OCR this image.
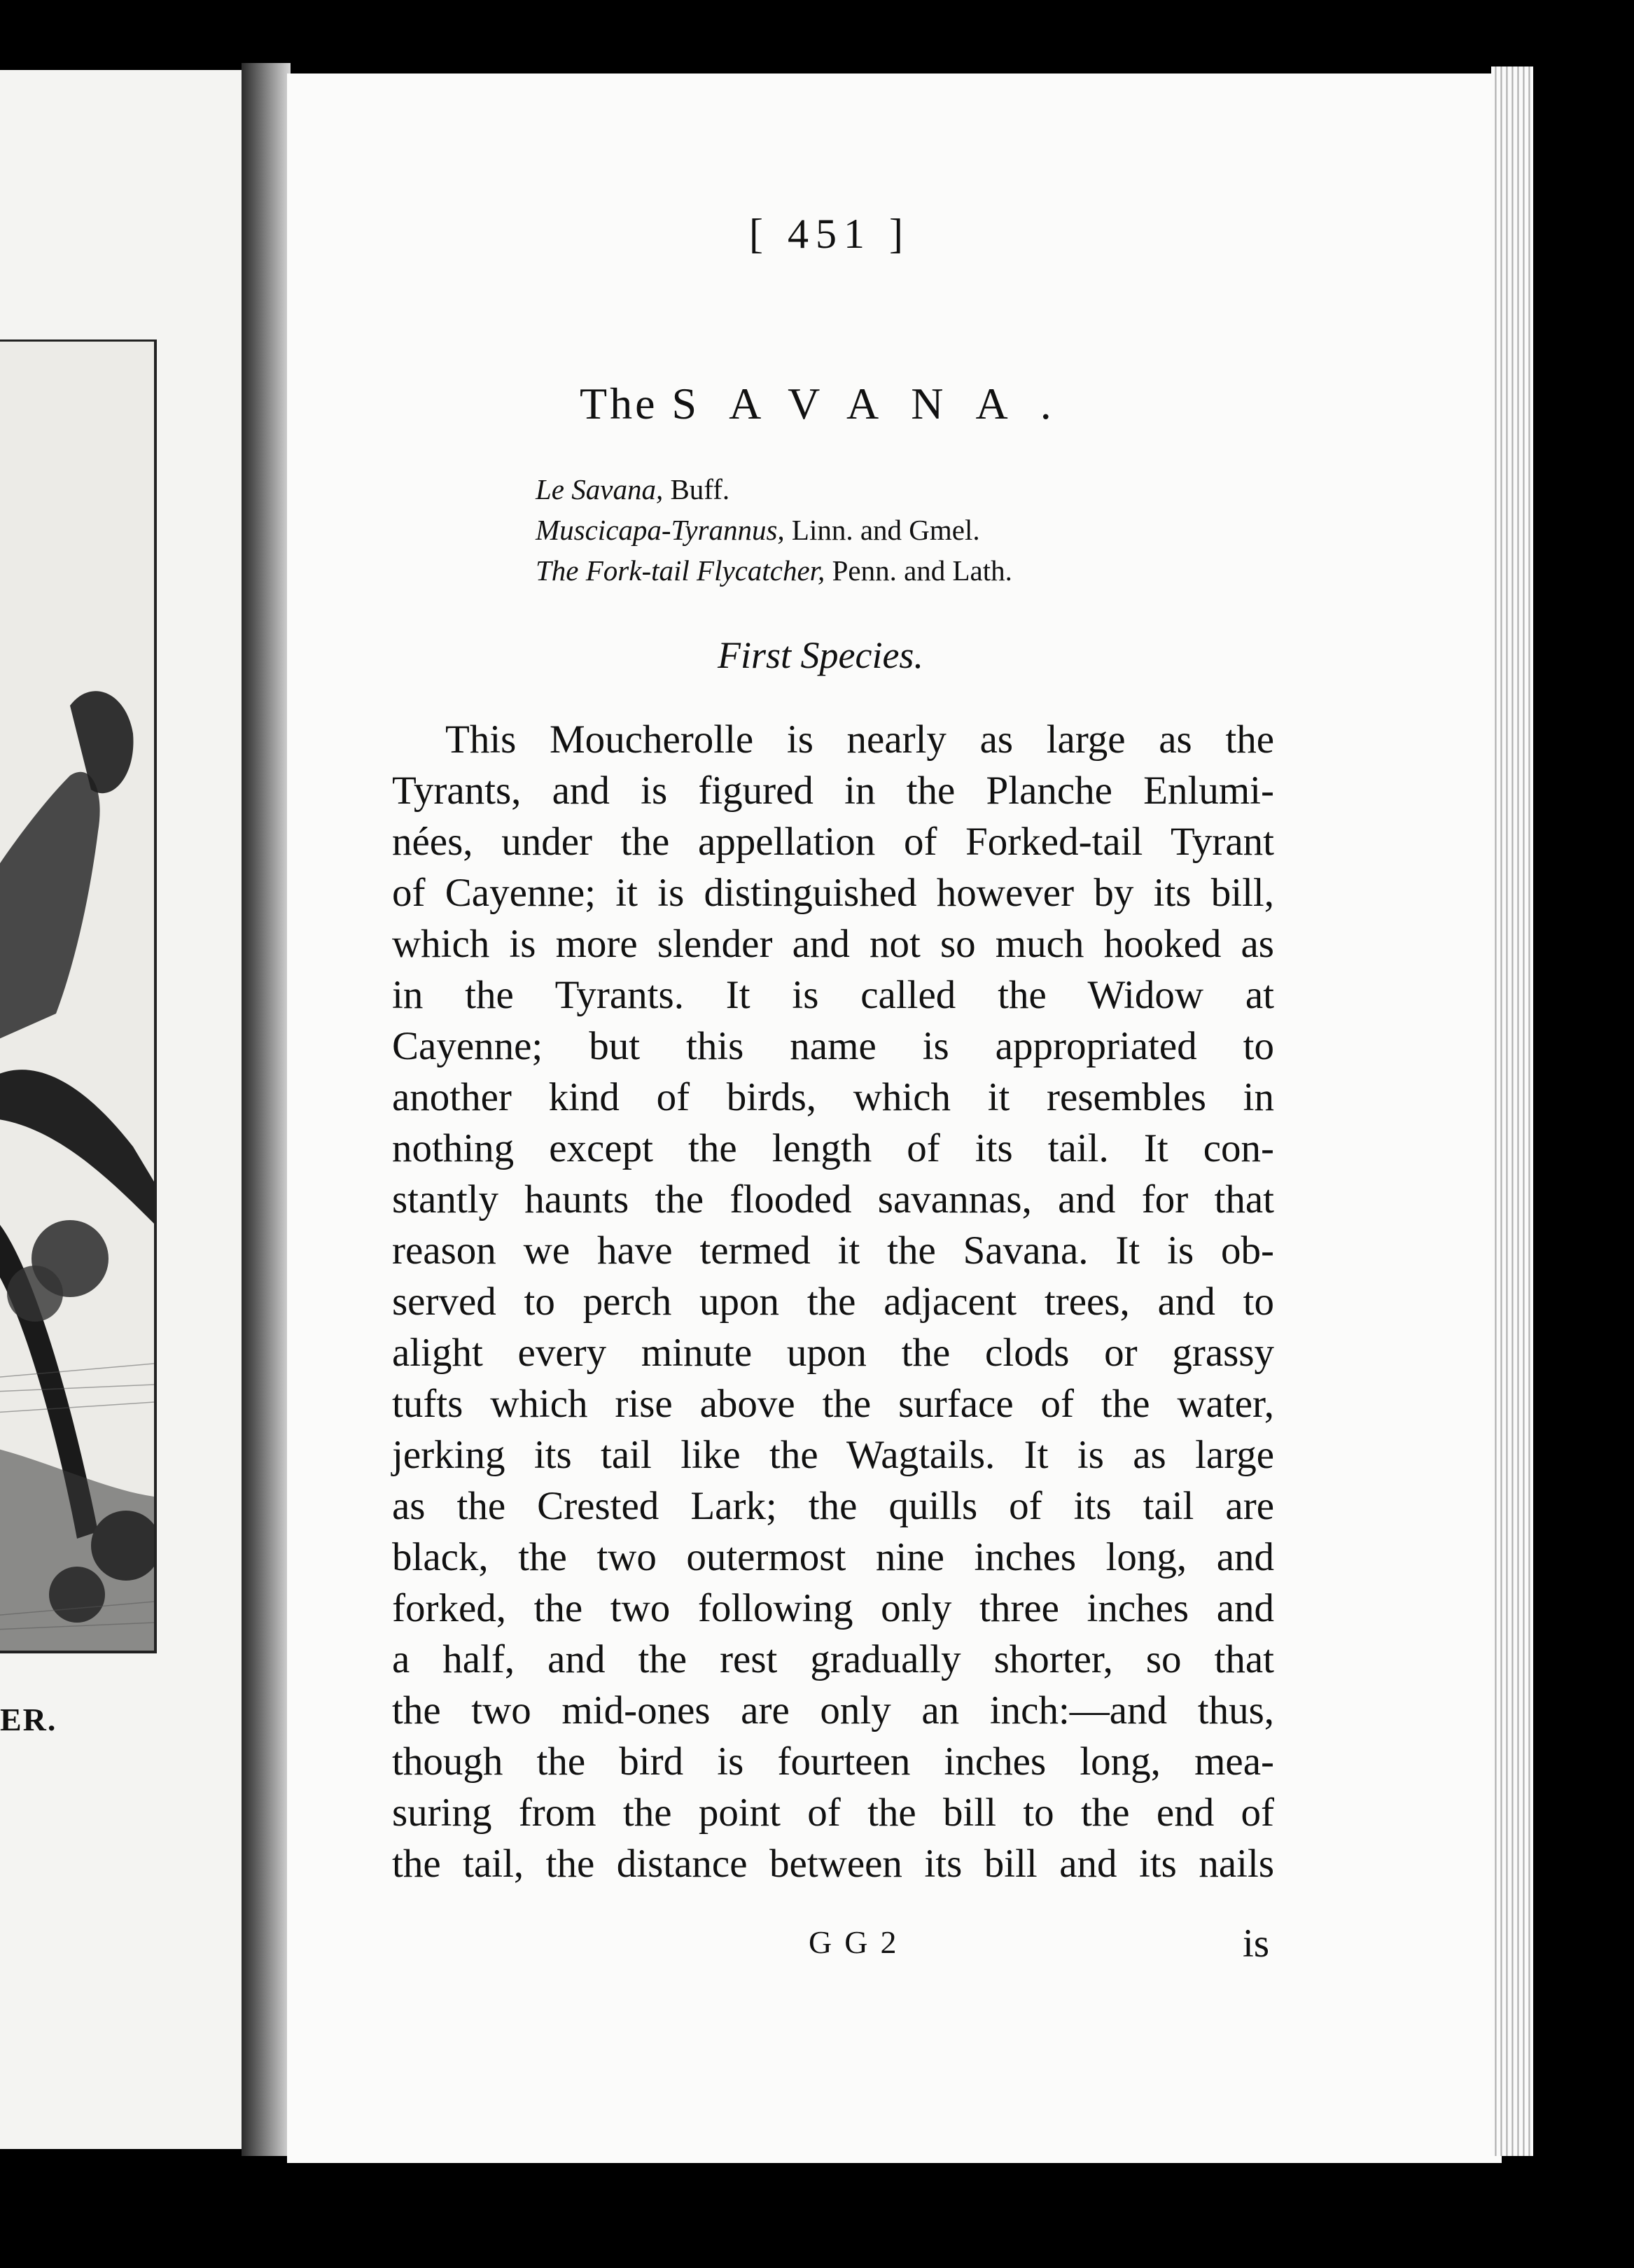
ER.
[ 451 ]
The SAVANA.
Le Savana, Buff.
Muscicapa-Tyrannus, Linn. and Gmel.
The Fork-tail Flycatcher, Penn. and Lath.
First Species.
This Moucherolle is nearly as large as the
Tyrants, and is figured in the Planche Enlumi-
nées, under the appellation of Forked-tail Tyrant
of Cayenne; it is distinguished however by its bill,
which is more slender and not so much hooked as
in the Tyrants. It is called the Widow at
Cayenne; but this name is appropriated to
another kind of birds, which it resembles in
nothing except the length of its tail. It con-
stantly haunts the flooded savannas, and for that
reason we have termed it the Savana. It is ob-
served to perch upon the adjacent trees, and to
alight every minute upon the clods or grassy
tufts which rise above the surface of the water,
jerking its tail like the Wagtails. It is as large
as the Crested Lark; the quills of its tail are
black, the two outermost nine inches long, and
forked, the two following only three inches and
a half, and the rest gradually shorter, so that
the two mid-ones are only an inch:—and thus,
though the bird is fourteen inches long, mea-
suring from the point of the bill to the end of
the tail, the distance between its bill and its nails
GG2	is
